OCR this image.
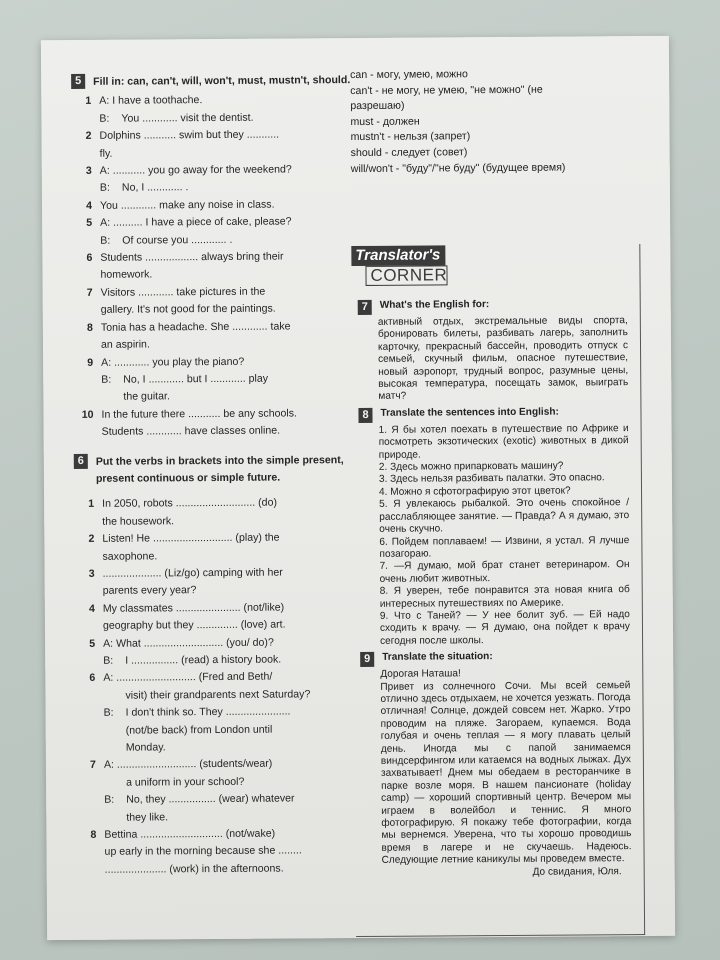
5	Fill in: can, can't, will, won't, must, mustn't, should.
1 A: I have a toothache.
B:	You ............ visit the dentist.
2 Dolphins ........... swim but they ...........
fly.
3 A: ........... you go away for the weekend?
B:	No, I ............ .
4 You ............ make any noise in class.
5 A: .......... I have a piece of cake, please?
B:	Of course you ............ .
6 Students .................. always bring their
homework.
7 Visitors ............ take pictures in the
gallery. It's not good for the paintings.
8 Tonia has a headache. She ............ take
an aspirin.
9 A: ............ you play the piano?
B:	No, I ............ but I ............ play
the guitar.
10 In the future there ........... be any schools.
Students ............ have classes online.
6	Put the verbs in brackets into the simple present, present continuous or simple future.
1 In 2050, robots ........................... (do)
the housework.
2 Listen! He ........................... (play) the
saxophone.
3 .................... (Liz/go) camping with her
parents every year?
4 My classmates ...................... (not/like)
geography but they .............. (love) art.
5 A: What ........................... (you/ do)?
B:	I ................ (read) a history book.
6 A: ........................... (Fred and Beth/
visit) their grandparents next Saturday?
B:	I don't think so. They ......................
(not/be back) from London until
Monday.
7 A: ........................... (students/wear)
a uniform in your school?
B:	No, they ................ (wear) whatever
they like.
8 Bettina ............................ (not/wake)
up early in the morning because she ........
..................... (work) in the afternoons.
can - могу, умею, можно
can't - не могу, не умею, "не можно" (не
разрешаю)
must - должен
mustn't - нельзя (запрет)
should - следует (совет)
will/won't - "буду"/"не буду" (будущее время)
Translator's
CORNER
7	What's the English for:
активный отдых, экстремальные виды спорта, бронировать билеты, разбивать лагерь, заполнить карточку, прекрасный бассейн, проводить отпуск с семьей, скучный фильм, опасное путешествие, новый аэропорт, трудный вопрос, разумные цены, высокая температура, посещать замок, выиграть матч?
8	Translate the sentences into English:
1. Я бы хотел поехать в путешествие по Африке и посмотреть экзотических (exotic) животных в дикой природе.
2. Здесь можно припарковать машину?
3. Здесь нельзя разбивать палатки. Это опасно.
4. Можно я сфотографирую этот цветок?
5. Я увлекаюсь рыбалкой. Это очень спокойное /расслабляющее занятие. — Правда? А я думаю, это очень скучно.
6. Пойдем поплаваем! — Извини, я устал. Я лучше позагораю.
7. —Я думаю, мой брат станет ветеринаром. Он очень любит животных.
8. Я уверен, тебе понравится эта новая книга об интересных путешествиях по Америке.
9. Что с Таней? — У нее болит зуб. — Ей надо сходить к врачу. — Я думаю, она пойдет к врачу сегодня после школы.
9	Translate the situation:
Дорогая Наташа!
Привет из солнечного Сочи. Мы всей семьей отлично здесь отдыхаем, не хочется уезжать. Погода отличная! Солнце, дождей совсем нет. Жарко. Утро проводим на пляже. Загораем, купаемся. Вода голубая и очень теплая — я могу плавать целый день. Иногда мы с папой занимаемся виндсерфингом или катаемся на водных лыжах. Дух захватывает! Днем мы обедаем в ресторанчике в парке возле моря. В нашем пансионате (holiday camp) — хороший спортивный центр. Вечером мы играем в волейбол и теннис. Я много фотографирую. Я покажу тебе фотографии, когда мы вернемся. Уверена, что ты хорошо проводишь время в лагере и не скучаешь. Надеюсь. Следующие летние каникулы мы проведем вместе.
До свидания, Юля.
